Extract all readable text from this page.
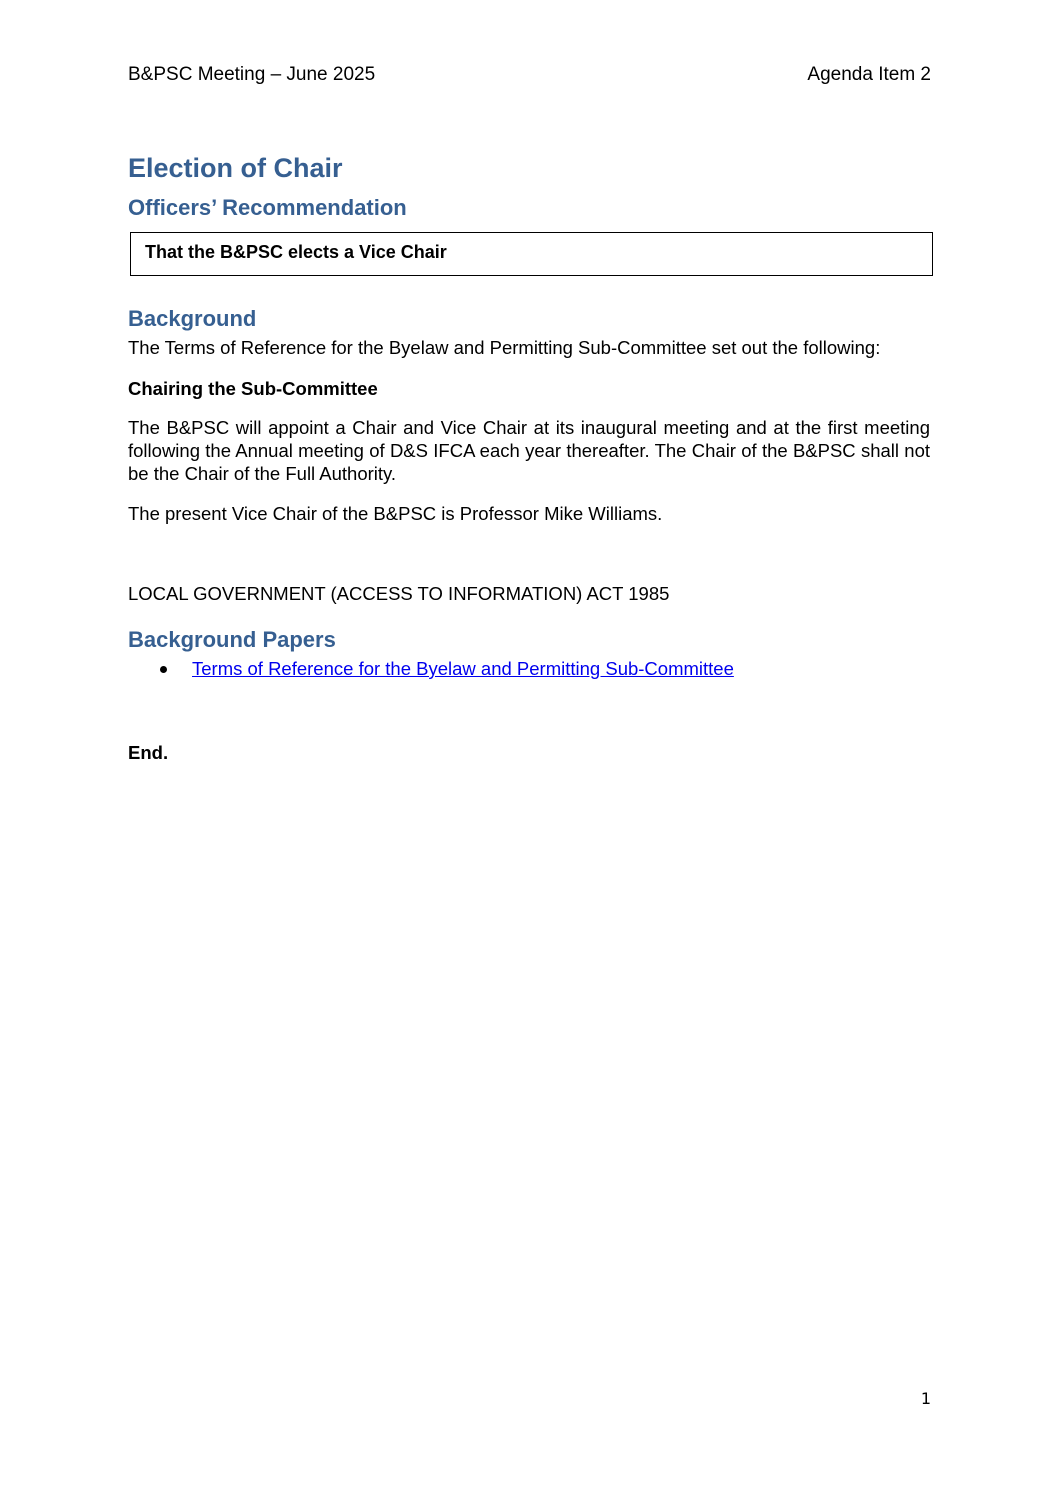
B&PSC Meeting – June 2025	Agenda Item 2
Election of Chair
Officers’ Recommendation
That the B&PSC elects a Vice Chair
Background

The Terms of Reference for the Byelaw and Permitting Sub-Committee set out the following:

Chairing the Sub-Committee

The B&PSC will appoint a Chair and Vice Chair at its inaugural meeting and at the first meeting following the Annual meeting of D&S IFCA each year thereafter. The Chair of the B&PSC shall not be the Chair of the Full Authority.

The present Vice Chair of the B&PSC is Professor Mike Williams.

LOCAL GOVERNMENT (ACCESS TO INFORMATION) ACT 1985

Background Papers
Terms of Reference for the Byelaw and Permitting Sub-Committee
End.
1
